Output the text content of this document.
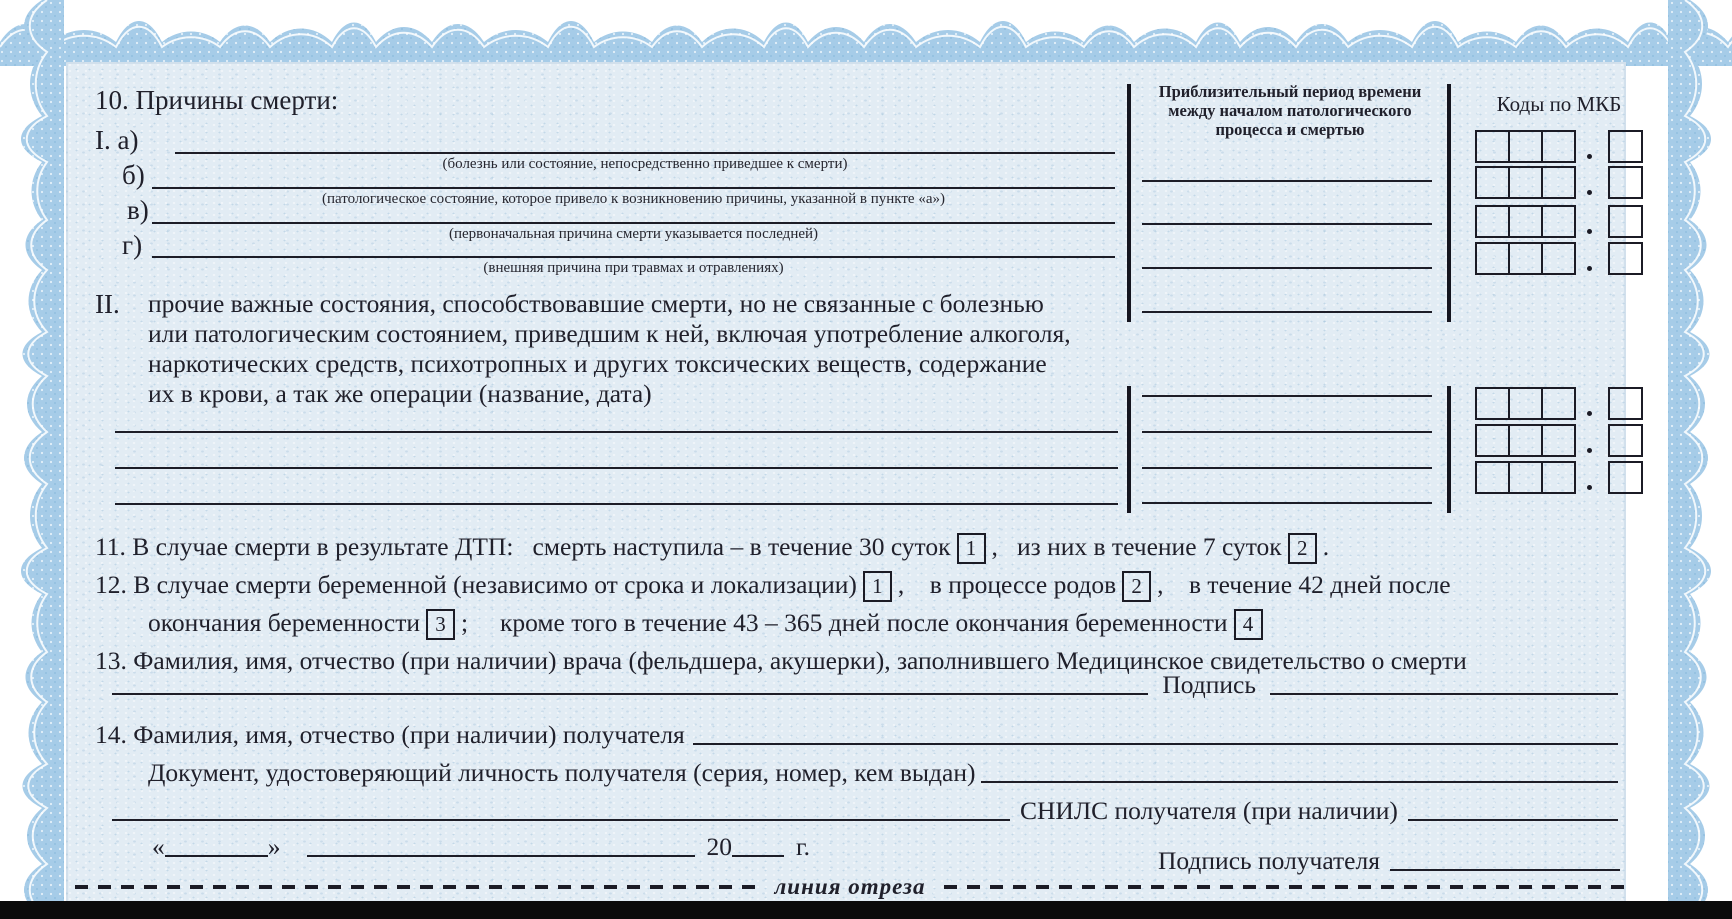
10. Причины смерти:
I. а)
(болезнь или состояние, непосредственно приведшее к смерти)
б)
(патологическое состояние, которое привело к возникновению причины, указанной в пункте «а»)
в)
(первоначальная причина смерти указывается последней)
г)
(внешняя причина при травмах и отравлениях)
Приблизительный период времени
между началом патологического
процесса и смертью
Коды по МКБ
II. прочие важные состояния, способствовавшие смерти, но не связанные с болезнью
или патологическим состоянием, приведшим к ней, включая употребление алкоголя,
наркотических средств, психотропных и других токсических веществ, содержание
их в крови, а так же операции (название, дата)
11. В случае смерти в результате ДТП:   смерть наступила – в течение 30 суток 1 ,   из них в течение 7 суток 2 .
12. В случае смерти беременной (независимо от срока и локализации) 1 ,    в процессе родов 2 ,    в течение 42 дней после
окончания беременности 3 ;     кроме того в течение 43 – 365 дней после окончания беременности 4
13. Фамилия, имя, отчество (при наличии) врача (фельдшера, акушерки), заполнившего Медицинское свидетельство о смерти
Подпись
14. Фамилия, имя, отчество (при наличии) получателя
Документ, удостоверяющий личность получателя (серия, номер, кем выдан)
СНИЛС получателя (при наличии)
«	»	20	г.	Подпись получателя
линия отреза
